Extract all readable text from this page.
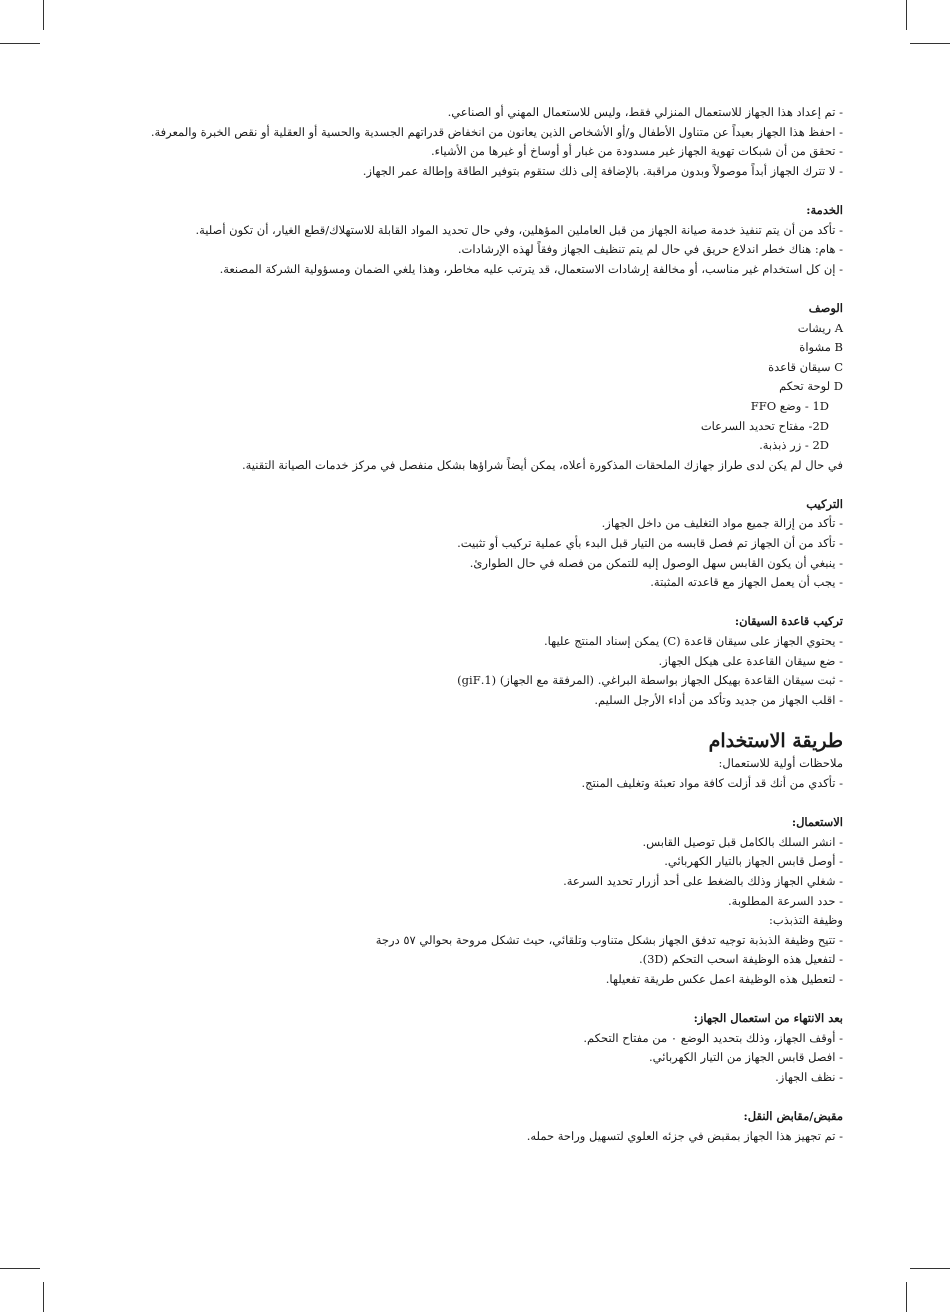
- تم إعداد هذا الجهاز للاستعمال المنزلي فقط، وليس للاستعمال المهني أو الصناعي.
- احفظ هذا الجهاز بعيداً عن متناول الأطفال و/أو الأشخاص الذين يعانون من انخفاض قدراتهم الجسدية والحسية أو العقلية أو نقص الخبرة والمعرفة.
- تحقق من أن شبكات تهوية الجهاز غير مسدودة من غبار أو أوساخ أو غيرها من الأشياء.
- لا تترك الجهاز أبداً موصولاً وبدون مراقبة. بالإضافة إلى ذلك ستقوم بتوفير الطاقة وإطالة عمر الجهاز.
الخدمة:
- تأكد من أن يتم تنفيذ خدمة صيانة الجهاز من قبل العاملين المؤهلين، وفي حال تحديد المواد القابلة للاستهلاك/قطع الغيار، أن تكون أصلية.
- هام: هناك خطر اندلاع حريق في حال لم يتم تنظيف الجهاز وفقاً لهذه الإرشادات.
- إن كل استخدام غير مناسب، أو مخالفة إرشادات الاستعمال، قد يترتب عليه مخاطر، وهذا يلغي الضمان ومسؤولية الشركة المصنعة.
الوصف
A ريشات
B مشواة
C سيقان قاعدة
D لوحة تحكم
1D - وضع FFO
2D- مفتاح تحديد السرعات
2D - زر ذبذبة.
في حال لم يكن لدى طراز جهازك الملحقات المذكورة أعلاه، يمكن أيضاً شراؤها بشكل منفصل في مركز خدمات الصيانة التقنية.
التركيب
- تأكد من إزالة جميع مواد التغليف من داخل الجهاز.
- تأكد من أن الجهاز تم فصل قابسه من التيار قبل البدء بأي عملية تركيب أو تثبيت.
- ينبغي أن يكون القابس سهل الوصول إليه للتمكن من فصله في حال الطوارئ.
- يجب أن يعمل الجهاز مع قاعدته المثبتة.
تركيب قاعدة السيقان:
- يحتوي الجهاز على سيقان قاعدة (C) يمكن إسناد المنتج عليها.
- ضع سيقان القاعدة على هيكل الجهاز.
- ثبت سيقان القاعدة بهيكل الجهاز بواسطة البراغي. (المرفقة مع الجهاز) (1.giF)
- اقلب الجهاز من جديد وتأكد من أداء الأرجل السليم.
طريقة الاستخدام
ملاحظات أولية للاستعمال:
- تأكدي من أنك قد أزلت كافة مواد تعبئة وتغليف المنتج.
الاستعمال:
- انشر السلك بالكامل قبل توصيل القابس.
- أوصل قابس الجهاز بالتيار الكهربائي.
- شغلي الجهاز وذلك بالضغط على أحد أزرار تحديد السرعة.
- حدد السرعة المطلوبة.
وظيفة التذبذب:
- تتيح وظيفة الذبذبة توجيه تدفق الجهاز بشكل متناوب وتلقائي، حيث تشكل مروحة بحوالي ٥٧ درجة
- لتفعيل هذه الوظيفة اسحب التحكم (3D).
- لتعطيل هذه الوظيفة اعمل عكس طريقة تفعيلها.
بعد الانتهاء من استعمال الجهاز:
- أوقف الجهاز، وذلك بتحديد الوضع ٠ من مفتاح التحكم.
- افصل قابس الجهاز من التيار الكهربائي.
- نظف الجهاز.
مقبض/مقابض النقل:
- تم تجهيز هذا الجهاز بمقبض في جزئه العلوي لتسهيل وراحة حمله.
